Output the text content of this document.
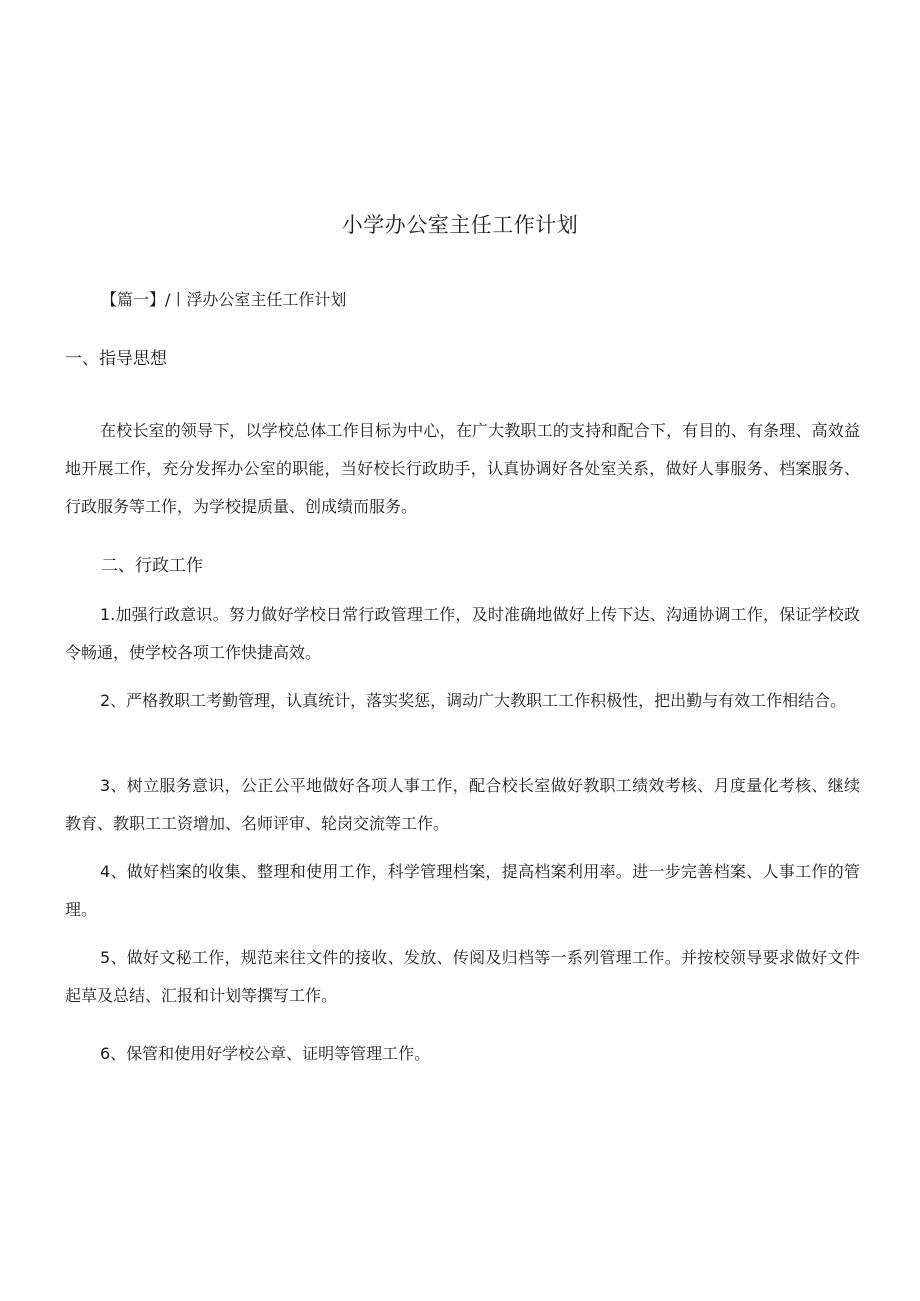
小学办公室主任工作计划

【篇一】/丨浮办公室主任工作计划

一、指导思想

在校长室的领导下，以学校总体工作目标为中心，在广大教职工的支持和配合下，有目的、有条理、高效益地开展工作，充分发挥办公室的职能，当好校长行政助手，认真协调好各处室关系，做好人事服务、档案服务、行政服务等工作，为学校提质量、创成绩而服务。

二、行政工作

1.加强行政意识。努力做好学校日常行政管理工作，及时准确地做好上传下达、沟通协调工作，保证学校政令畅通，使学校各项工作快捷高效。

2、严格教职工考勤管理，认真统计，落实奖惩，调动广大教职工工作积极性，把出勤与有效工作相结合。

3、树立服务意识，公正公平地做好各项人事工作，配合校长室做好教职工绩效考核、月度量化考核、继续教育、教职工工资增加、名师评审、轮岗交流等工作。

4、做好档案的收集、整理和使用工作，科学管理档案，提高档案利用率。进一步完善档案、人事工作的管理。

5、做好文秘工作，规范来往文件的接收、发放、传阅及归档等一系列管理工作。并按校领导要求做好文件起草及总结、汇报和计划等撰写工作。

6、保管和使用好学校公章、证明等管理工作。
